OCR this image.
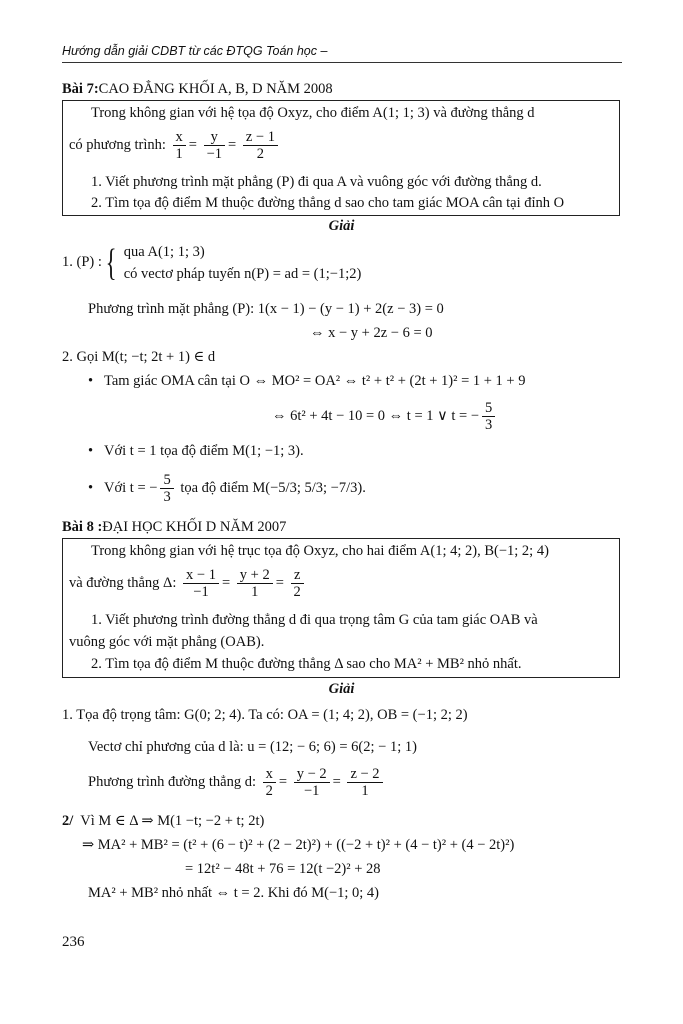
Hướng dẫn giải CDBT từ các ĐTQG Toán học –
Bài 7:CAO ĐẲNG KHỐI A, B, D NĂM 2008
Trong không gian với hệ tọa độ Oxyz, cho điểm A(1; 1; 3) và đường thẳng d
có phương trình: $\frac{x}{1} = \frac{y}{-1} = \frac{z - 1}{2}$
1. Viết phương trình mặt phẳng (P) đi qua A và vuông góc với đường thẳng d.
2. Tìm tọa độ điểm M thuộc đường thẳng d sao cho tam giác MOA cân tại đỉnh O
Giải
1. (P) :{ qua A(1; 1; 3)
có vectơ pháp tuyến n(P) = ad = (1;−1;2)
Phương trình mặt phẳng (P): 1(x − 1) − (y − 1) + 2(z − 3) = 0
⇔ x − y + 2z − 6 = 0
2. Gọi M(t; −t; 2t + 1) ∈ d
• Tam giác OMA cân tại O ⇔ MO² = OA² ⇔ t² + t² + (2t + 1)² = 1 + 1 + 9
⇔ 6t² + 4t − 10 = 0 ⇔ t = 1 ∨ t = − $\frac{5}{3}$
• Với t = 1 tọa độ điểm M(1; −1; 3).
• Với t = − $\frac{5}{3}$ tọa độ điểm M(−5/3; 5/3; −7/3).
Bài 8 :ĐẠI HỌC KHỐI D NĂM 2007
Trong không gian với hệ trục tọa độ Oxyz, cho hai điểm A(1; 4; 2), B(−1; 2; 4)
và đường thẳng Δ: $\frac{x - 1}{-1} = \frac{y + 2}{1} = \frac{z}{2}$
1. Viết phương trình đường thẳng d đi qua trọng tâm G của tam giác OAB và
vuông góc với mặt phẳng (OAB).
2. Tìm tọa độ điểm M thuộc đường thẳng Δ sao cho MA² + MB² nhỏ nhất.
Giải
1. Tọa độ trọng tâm: G(0; 2; 4). Ta có: OA = (1; 4; 2), OB = (−1; 2; 2)
Vectơ chỉ phương của d là: u = (12; − 6; 6) = 6(2; − 1; 1)
Phương trình đường thẳng d: $\frac{x}{2} = \frac{y - 2}{-1} = \frac{z - 2}{1}$
2/ Vì M ∈ Δ ⇒ M(1 −t; −2 + t; 2t)
⇒ MA² + MB² = (t² + (6 − t)² + (2 − 2t)²) + ((−2 + t)² + (4 − t)² + (4 − 2t)²)
= 12t² − 48t + 76 = 12(t −2)² + 28
MA² + MB² nhỏ nhất ⇔ t = 2. Khi đó M(−1; 0; 4)
236
